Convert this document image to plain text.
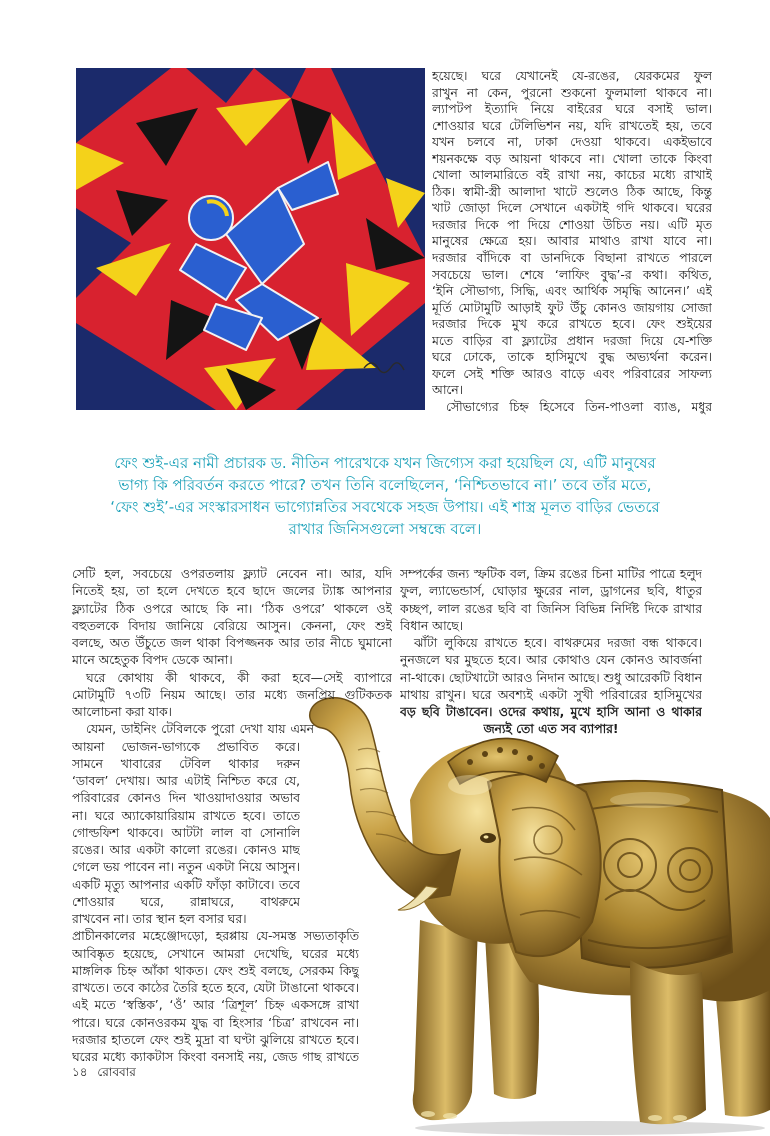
হয়েছে। ঘরে যেখানেই যে-রঙের, যেরকমের ফুল
রাখুন না কেন, পুরনো শুকনো ফুলমালা থাকবে না।
ল্যাপটপ ইত্যাদি নিয়ে বাইরের ঘরে বসাই ভাল।
শোওয়ার ঘরে টেলিভিশন নয়, যদি রাখতেই হয়, তবে
যখন চলবে না, ঢাকা দেওয়া থাকবে। একইভাবে
শয়নকক্ষে বড় আয়না থাকবে না। খোলা তাকে কিংবা
খোলা আলমারিতে বই রাখা নয়, কাচের মধ্যে রাখাই
ঠিক। স্বামী-স্ত্রী আলাদা খাটে শুলেও ঠিক আছে, কিন্তু
খাট জোড়া দিলে সেখানে একটাই গদি থাকবে। ঘরের
দরজার দিকে পা দিয়ে শোওয়া উচিত নয়। এটি মৃত
মানুষের ক্ষেত্রে হয়। আবার মাথাও রাখা যাবে না।
দরজার বাঁদিকে বা ডানদিকে বিছানা রাখতে পারলে
সবচেয়ে ভাল। শেষে ‘লাফিং বুদ্ধ’-র কথা। কথিত,
‘ইনি সৌভাগ্য, সিদ্ধি, এবং আর্থিক সমৃদ্ধি আনেন।’ এই
মূর্তি মোটামুটি আড়াই ফুট উঁচু কোনও জায়গায় সোজা
দরজার দিকে মুখ করে রাখতে হবে। ফেং শুইয়ের
মতে বাড়ির বা ফ্ল্যাটের প্রধান দরজা দিয়ে যে-শক্তি
ঘরে ঢোকে, তাকে হাসিমুখে বুদ্ধ অভ্যর্থনা করেন।
ফলে সেই শক্তি আরও বাড়ে এবং পরিবারের সাফল্য
আনে।
সৌভাগ্যের চিহ্ন হিসেবে তিন-পাওলা ব্যাঙ, মধুর
ফেং শুই-এর নামী প্রচারক ড. নীতিন পারেখকে যখন জিগ্যেস করা হয়েছিল যে, এটি মানুষের
ভাগ্য কি পরিবর্তন করতে পারে? তখন তিনি বলেছিলেন, ‘নিশ্চিতভাবে না।’ তবে তাঁর মতে,
‘ফেং শুই’-এর সংস্কারসাধন ভাগ্যোন্নতির সবথেকে সহজ উপায়। এই শাস্ত্র মূলত বাড়ির ভেতরে
রাখার জিনিসগুলো সম্বন্ধে বলে।
সেটি হল, সবচেয়ে ওপরতলায় ফ্ল্যাট নেবেন না। আর, যদি
নিতেই হয়, তা হলে দেখতে হবে ছাদে জলের ট্যাঙ্ক আপনার
ফ্ল্যাটের ঠিক ওপরে আছে কি না। ‘ঠিক ওপরে’ থাকলে ওই
বহুতলকে বিদায় জানিয়ে বেরিয়ে আসুন। কেননা, ফেং শুই
বলছে, অত উঁচুতে জল থাকা বিপজ্জনক আর তার নীচে ঘুমানো
মানে অহেতুক বিপদ ডেকে আনা।
ঘরে কোথায় কী থাকবে, কী করা হবে—সেই ব্যাপারে
মোটামুটি ৭৩টি নিয়ম আছে। তার মধ্যে জনপ্রিয় গুটিকতক
আলোচনা করা যাক।
যেমন, ডাইনিং টেবিলকে পুরো দেখা যায় এমন
আয়না ভোজন-ভাগ্যকে প্রভাবিত করে।
সামনে খাবারের টেবিল থাকার দরুন
‘ডাবল’ দেখায়। আর এটাই নিশ্চিত করে যে,
পরিবারের কোনও দিন খাওয়াদাওয়ার অভাব
না। ঘরে অ্যাকোয়ারিয়াম রাখতে হবে। তাতে
গোল্ডফিশ থাকবে। আটটা লাল বা সোনালি
রঙের। আর একটা কালো রঙের। কোনও মাছ
গেলে ভয় পাবেন না। নতুন একটা নিয়ে আসুন।
একটি মৃত্যু আপনার একটি ফাঁড়া কাটাবে। তবে
শোওয়ার ঘরে, রান্নাঘরে, বাথরুমে
রাখবেন না। তার স্থান হল বসার ঘর।
প্রাচীনকালের মহেঞ্জোদড়ো, হরপ্পায় যে-সমস্ত সভ্যতাকৃতি
আবিষ্কৃত হয়েছে, সেখানে আমরা দেখেছি, ঘরের মধ্যে
মাঙ্গলিক চিহ্ন আঁকা থাকত। ফেং শুই বলছে, সেরকম কিছু
রাখতে। তবে কাঠের তৈরি হতে হবে, যেটা টাঙানো থাকবে।
এই মতে ‘স্বস্তিক’, ‘ওঁ’ আর ‘ত্রিশূল’ চিহ্ন একসঙ্গে রাখা
পারে। ঘরে কোনওরকম যুদ্ধ বা হিংসার ‘চিত্র’ রাখবেন না।
দরজার হাতলে ফেং শুই মুদ্রা বা ঘণ্টা ঝুলিয়ে রাখতে হবে।
ঘরের মধ্যে ক্যাকটাস কিংবা বনসাই নয়, জেড গাছ রাখতে
সম্পর্কের জন্য স্ফটিক বল, ক্রিম রঙের চিনা মাটির পাত্রে হলুদ
ফুল, ল্যাভেন্ডার্স, ঘোড়ার ক্ষুরের নাল, ড্রাগনের ছবি, ধাতুর
কচ্ছপ, লাল রঙের ছবি বা জিনিস বিভিন্ন নির্দিষ্ট দিকে রাখার
বিধান আছে।
ঝাঁটা লুকিয়ে রাখতে হবে। বাথরুমের দরজা বন্ধ থাকবে।
নুনজলে ঘর মুছতে হবে। আর কোথাও যেন কোনও আবর্জনা
না-থাকে। ছোটখাটো আরও নিদান আছে। শুধু আরেকটি বিধান
মাথায় রাখুন। ঘরে অবশ্যই একটা সুখী পরিবারের হাসিমুখের
বড় ছবি টাঙাবেন। ওদের কথায়, মুখে হাসি আনা ও থাকার
জন্যই তো এত সব ব্যাপার!
১৪ রোববার
